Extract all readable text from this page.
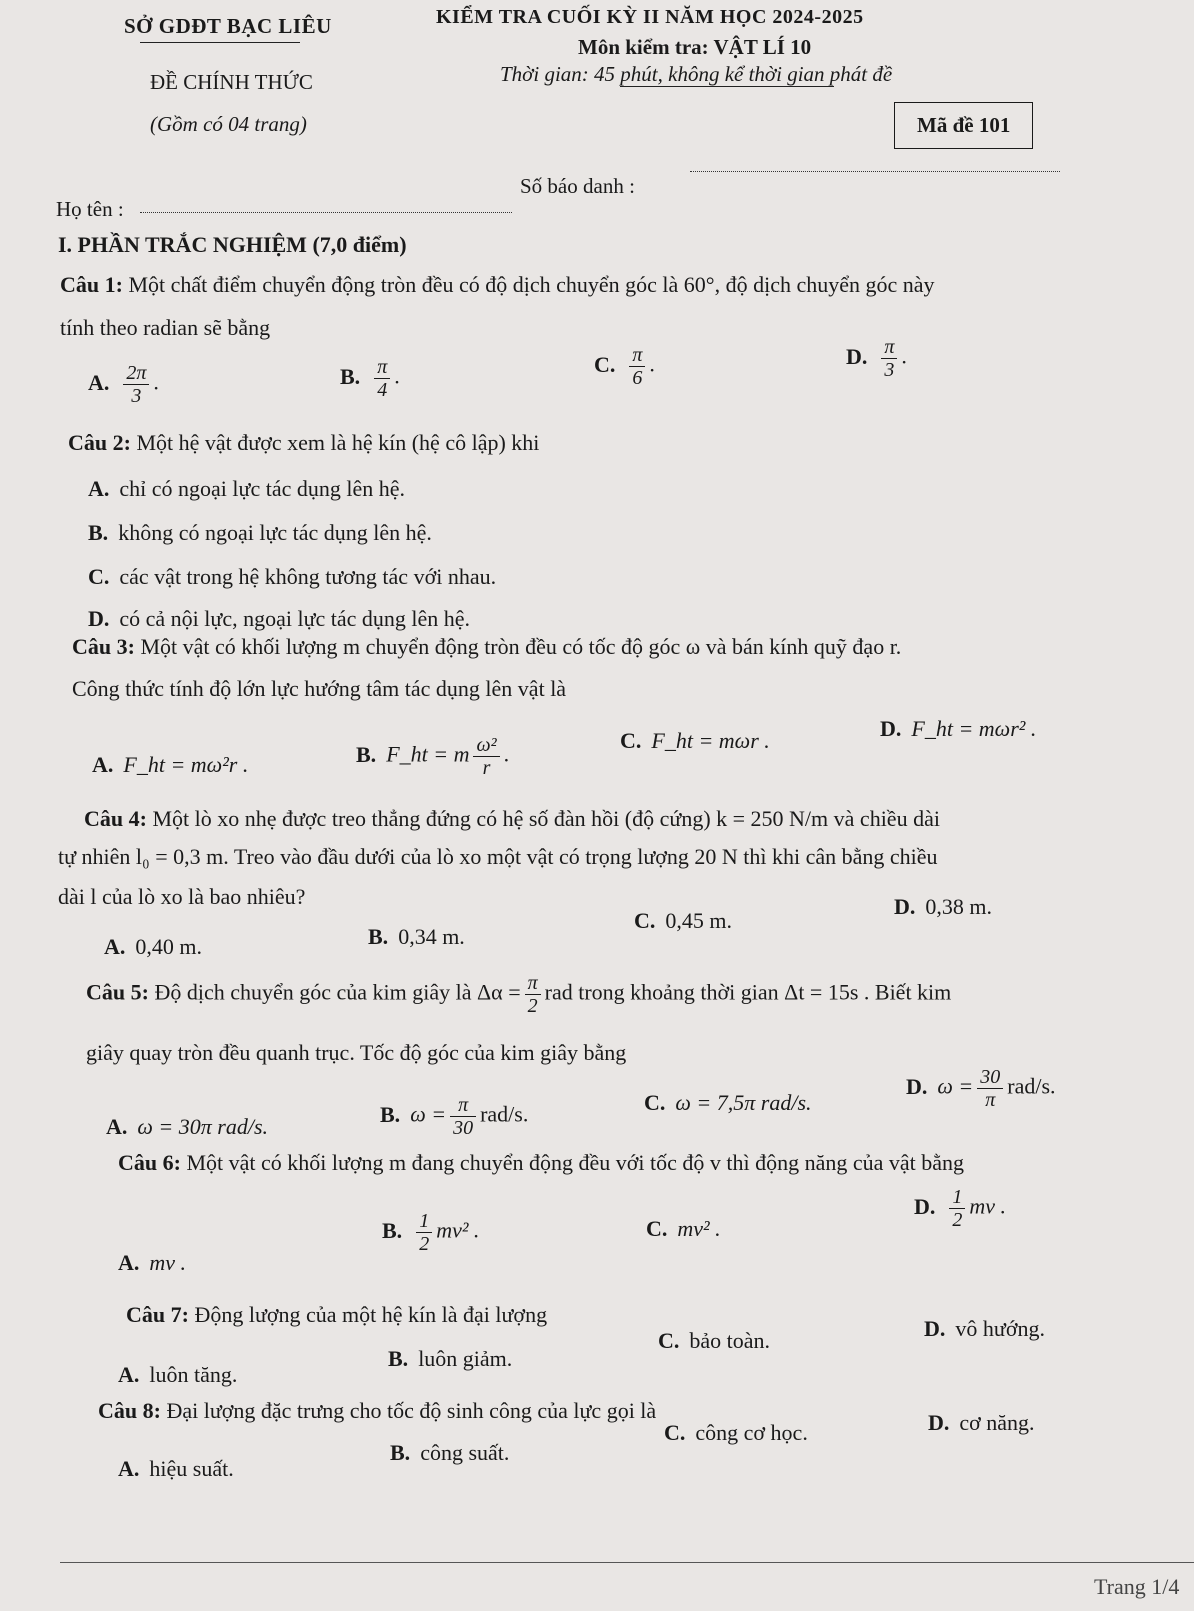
SỞ GDĐT BẠC LIÊU	KIỂM TRA CUỐI KỲ II NĂM HỌC 2024-2025
Môn kiểm tra: VẬT LÍ 10
ĐỀ CHÍNH THỨC	Thời gian: 45 phút, không kể thời gian phát đề
(Gồm có 04 trang)	Mã đề 101
Họ tên :
Số báo danh :
I. PHẦN TRẮC NGHIỆM (7,0 điểm)
Câu 1: Một chất điểm chuyển động tròn đều có độ dịch chuyển góc là 60°, độ dịch chuyển góc này
tính theo radian sẽ bằng
A. $\frac{2\pi}{3}$ .	B. $\frac{\pi}{4}$ .	C. $\frac{\pi}{6}$ .	D. $\frac{\pi}{3}$ .
Câu 2: Một hệ vật được xem là hệ kín (hệ cô lập) khi
A. chỉ có ngoại lực tác dụng lên hệ.
B. không có ngoại lực tác dụng lên hệ.
C. các vật trong hệ không tương tác với nhau.
D. có cả nội lực, ngoại lực tác dụng lên hệ.
Câu 3: Một vật có khối lượng m chuyển động tròn đều có tốc độ góc ω và bán kính quỹ đạo r.
Công thức tính độ lớn lực hướng tâm tác dụng lên vật là
A. F_ht = mω²r .	B. F_ht = m $\frac{\text{ω²}}{r}$ .
C. F_ht = mωr .	D. F_ht = mωr² .
Câu 4: Một lò xo nhẹ được treo thẳng đứng có hệ số đàn hồi (độ cứng) k = 250 N/m và chiều dài
tự nhiên l₀ = 0,3 m. Treo vào đầu dưới của lò xo một vật có trọng lượng 20 N thì khi cân bằng chiều
dài l của lò xo là bao nhiêu?
A. 0,40 m.	B. 0,34 m.
C. 0,45 m.
D. 0,38 m.
Câu 5: Độ dịch chuyển góc của kim giây là $\Delta\alpha = \frac{\pi}{2}$ rad trong khoảng thời gian Δt = 15s . Biết kim
giây quay tròn đều quanh trục. Tốc độ góc của kim giây bằng
A. ω = 30π rad/s.	B. $\omega = \frac{\pi}{30} rad/s$.	C. ω = 7,5π rad/s.
D. $\omega = \frac{30}{\pi} rad/s$.
Câu 6: Một vật có khối lượng m đang chuyển động đều với tốc độ v thì động năng của vật bằng
A. mv .
B. $\frac{1}{2} mv^2$ .	C. mv² .
D. $\frac{1}{2}$ mv .
Câu 7: Động lượng của một hệ kín là đại lượng
A. luôn tăng.
B. luôn giảm.
C. bảo toàn.	D. vô hướng.
Câu 8: Đại lượng đặc trưng cho tốc độ sinh công của lực gọi là
A. hiệu suất.
B. công suất.
C. công cơ học.	D. cơ năng.
Trang 1/4
